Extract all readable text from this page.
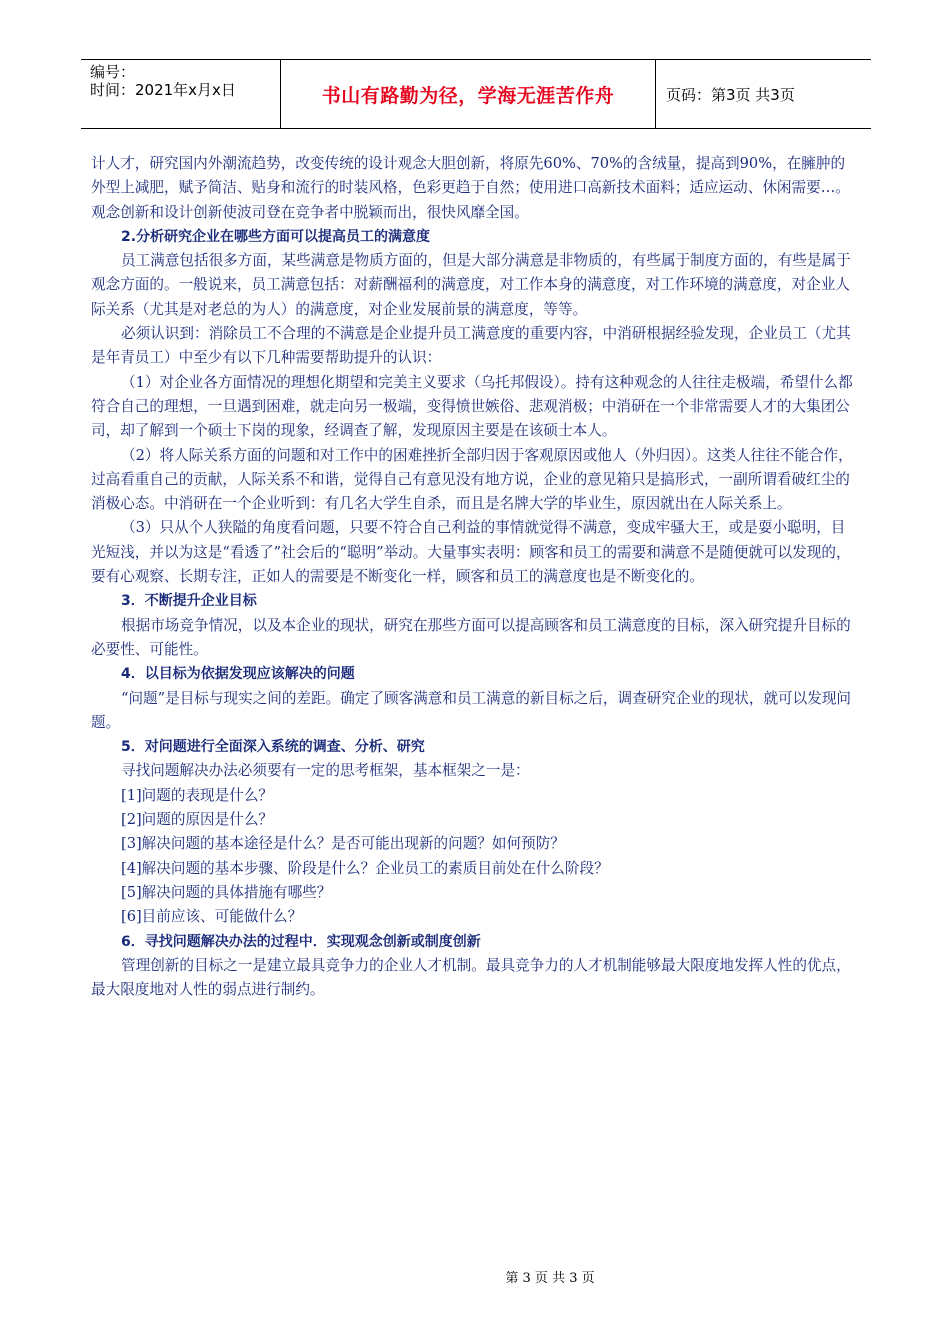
编号：
时间：2021年x月x日	书山有路勤为径，学海无涯苦作舟	页码：第3页 共3页

计人才，研究国内外潮流趋势，改变传统的设计观念大胆创新，将原先60%、70%的含绒量，提高到90%，在臃肿的外型上减肥，赋予简洁、贴身和流行的时装风格，色彩更趋于自然；使用进口高新技术面料；适应运动、休闲需要…。观念创新和设计创新使波司登在竞争者中脱颖而出，很快风靡全国。

2.分析研究企业在哪些方面可以提高员工的满意度

员工满意包括很多方面，某些满意是物质方面的，但是大部分满意是非物质的，有些属于制度方面的，有些是属于观念方面的。一般说来，员工满意包括：对薪酬福利的满意度，对工作本身的满意度，对工作环境的满意度，对企业人际关系（尤其是对老总的为人）的满意度，对企业发展前景的满意度，等等。

必须认识到：消除员工不合理的不满意是企业提升员工满意度的重要内容，中消研根据经验发现，企业员工（尤其是年青员工）中至少有以下几种需要帮助提升的认识：

（1）对企业各方面情况的理想化期望和完美主义要求（乌托邦假设）。持有这种观念的人往往走极端，希望什么都符合自己的理想，一旦遇到困难，就走向另一极端，变得愤世嫉俗、悲观消极；中消研在一个非常需要人才的大集团公司，却了解到一个硕士下岗的现象，经调查了解，发现原因主要是在该硕士本人。

（2）将人际关系方面的问题和对工作中的困难挫折全部归因于客观原因或他人（外归因）。这类人往往不能合作，过高看重自己的贡献，人际关系不和谐，觉得自己有意见没有地方说，企业的意见箱只是搞形式，一副所谓看破红尘的消极心态。中消研在一个企业听到：有几名大学生自杀，而且是名牌大学的毕业生，原因就出在人际关系上。

（3）只从个人狭隘的角度看问题，只要不符合自己利益的事情就觉得不满意，变成牢骚大王，或是耍小聪明，目光短浅，并以为这是“看透了”社会后的“聪明”举动。大量事实表明：顾客和员工的需要和满意不是随便就可以发现的，要有心观察、长期专注，正如人的需要是不断变化一样，顾客和员工的满意度也是不断变化的。

3．不断提升企业目标

根据市场竞争情况，以及本企业的现状，研究在那些方面可以提高顾客和员工满意度的目标，深入研究提升目标的必要性、可能性。

4．以目标为依据发现应该解决的问题

“问题”是目标与现实之间的差距。确定了顾客满意和员工满意的新目标之后，调查研究企业的现状，就可以发现问题。

5．对问题进行全面深入系统的调查、分析、研究

寻找问题解决办法必须要有一定的思考框架，基本框架之一是：

[1]问题的表现是什么？

[2]问题的原因是什么？

[3]解决问题的基本途径是什么？是否可能出现新的问题？如何预防？

[4]解决问题的基本步骤、阶段是什么？企业员工的素质目前处在什么阶段？

[5]解决问题的具体措施有哪些？

[6]目前应该、可能做什么？

6．寻找问题解决办法的过程中．实现观念创新或制度创新

管理创新的目标之一是建立最具竞争力的企业人才机制。最具竞争力的人才机制能够最大限度地发挥人性的优点，最大限度地对人性的弱点进行制约。

第 3 页 共 3 页
